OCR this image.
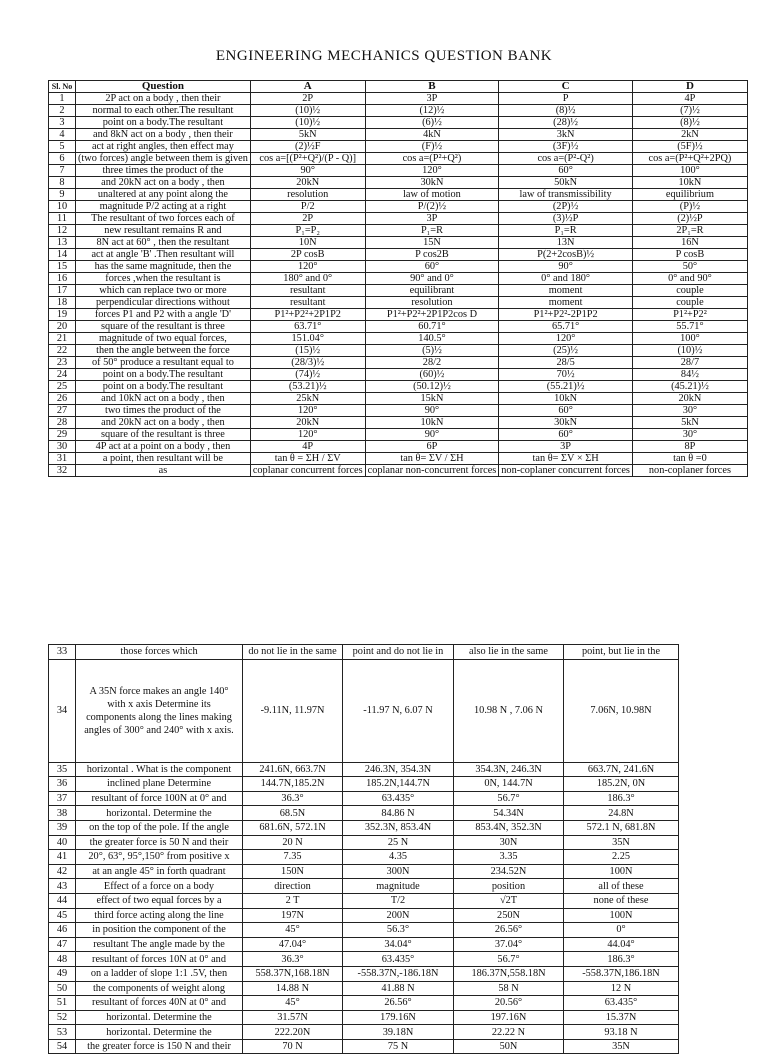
ENGINEERING MECHANICS QUESTION BANK
Sl. No	Question	A	B	C	D
1	2P act on a body , then their	2P	3P	P	4P
2	normal to each other.The resultant	(10)½	(12)½	(8)½	(7)½
3	point on a body.The resultant	(10)½	(6)½	(28)½	(8)½
4	and 8kN act on a body , then their	5kN	4kN	3kN	2kN
5	act at right angles, then effect may	(2)½F	(F)½	(3F)½	(5F)½
6	(two forces) angle between them is given	cos a=[(P²+Q²)/(P - Q)]	cos a=(P²+Q²)	cos a=(P²-Q²)	cos a=(P²+Q²+2PQ)
7	three times the product of the	90°	120°	60°	100°
8	and 20kN act on a body , then	20kN	30kN	50kN	10kN
9	unaltered at any point along the	resolution	law of motion	law of transmissibility	equilibrium
10	magnitude P/2 acting at a right	P/2	P/(2)½	(2P)½	(P)½
11	The resultant of two forces each of	2P	3P	(3)½P	(2)½P
12	new resultant remains R and	P₁=P₂	P₁=R	P₁=R	2P₁=R
13	8N act at 60° , then the resultant	10N	15N	13N	16N
14	act at angle 'B' .Then resultant will	2P cosB	P cos2B	P(2+2cosB)½	P cosB
15	has the same magnitude, then the	120°	60°	90°	50°
16	forces ,when the resultant is	180° and 0°	90° and 0°	0° and 180°	0° and 90°
17	which can replace two or more	resultant	equilibrant	moment	couple
18	perpendicular directions without	resultant	resolution	moment	couple
19	forces P1 and P2 with a angle 'D'	P1²+P2²+2P1P2	P1²+P2²+2P1P2cos D	P1²+P2²-2P1P2	P1²+P2²
20	square of the resultant is three	63.71°	60.71°	65.71°	55.71°
21	magnitude of two equal forces,	151.04°	140.5°	120°	100°
22	then the angle between the force	(15)½	(5)½	(25)½	(10)½
23	of 50° produce a resultant equal to	(28/3)½	28/2	28/5	28/7
24	point on a body.The resultant	(74)½	(60)½	70½	84½
25	point on a body.The resultant	(53.21)½	(50.12)½	(55.21)½	(45.21)½
26	and 10kN act on a body , then	25kN	15kN	10kN	20kN
27	two times the product of the	120°	90°	60°	30°
28	and 20kN act on a body , then	20kN	10kN	30kN	5kN
29	square of the resultant is three	120°	90°	60°	30°
30	4P act at a point on a body , then	4P	6P	3P	8P
31	a point, then resultant will be	tan θ = ΣH / ΣV	tan θ= ΣV / ΣH	tan θ= ΣV × ΣH	tan θ =0
32	as	coplanar concurrent forces	coplanar non-concurrent forces	non-coplaner concurrent forces	non-coplaner forces
33	those forces which	do not lie in the same	point and do not lie in	also lie in the same	point, but lie in the
34	A 35N force makes an angle 140° with x axis Determine its components along the lines making angles of 300° and 240° with x axis.	-9.11N, 11.97N	-11.97 N, 6.07 N	10.98 N , 7.06 N	7.06N, 10.98N
35	horizontal . What is the component	241.6N, 663.7N	246.3N, 354.3N	354.3N, 246.3N	663.7N, 241.6N
36	inclined plane Determine	144.7N,185.2N	185.2N,144.7N	0N, 144.7N	185.2N, 0N
37	resultant of force 100N at 0° and	36.3°	63.435°	56.7°	186.3°
38	horizontal. Determine the	68.5N	84.86 N	54.34N	24.8N
39	on the top of the pole. If the angle	681.6N, 572.1N	352.3N, 853.4N	853.4N, 352.3N	572.1 N, 681.8N
40	the greater force is 50 N and their	20 N	25 N	30N	35N
41	20°, 63°, 95°,150° from positive x	7.35	4.35	3.35	2.25
42	at an angle 45° in forth quadrant	150N	300N	234.52N	100N
43	Effect of a force on a body	direction	magnitude	position	all of these
44	effect of two equal forces by a	2 T	T/2	√2T	none of these
45	third force acting along the line	197N	200N	250N	100N
46	in position the component of the	45°	56.3°	26.56°	0°
47	resultant The angle made by the	47.04°	34.04°	37.04°	44.04°
48	resultant of forces 10N at 0° and	36.3°	63.435°	56.7°	186.3°
49	on a ladder of slope 1:1 .5V, then	558.37N,168.18N	-558.37N,-186.18N	186.37N,558.18N	-558.37N,186.18N
50	the components of weight along	14.88 N	41.88 N	58 N	12 N
51	resultant of forces 40N at 0° and	45°	26.56°	20.56°	63.435°
52	horizontal. Determine the	31.57N	179.16N	197.16N	15.37N
53	horizontal. Determine the	222.20N	39.18N	22.22 N	93.18 N
54	the greater force is 150 N and their	70 N	75 N	50N	35N
